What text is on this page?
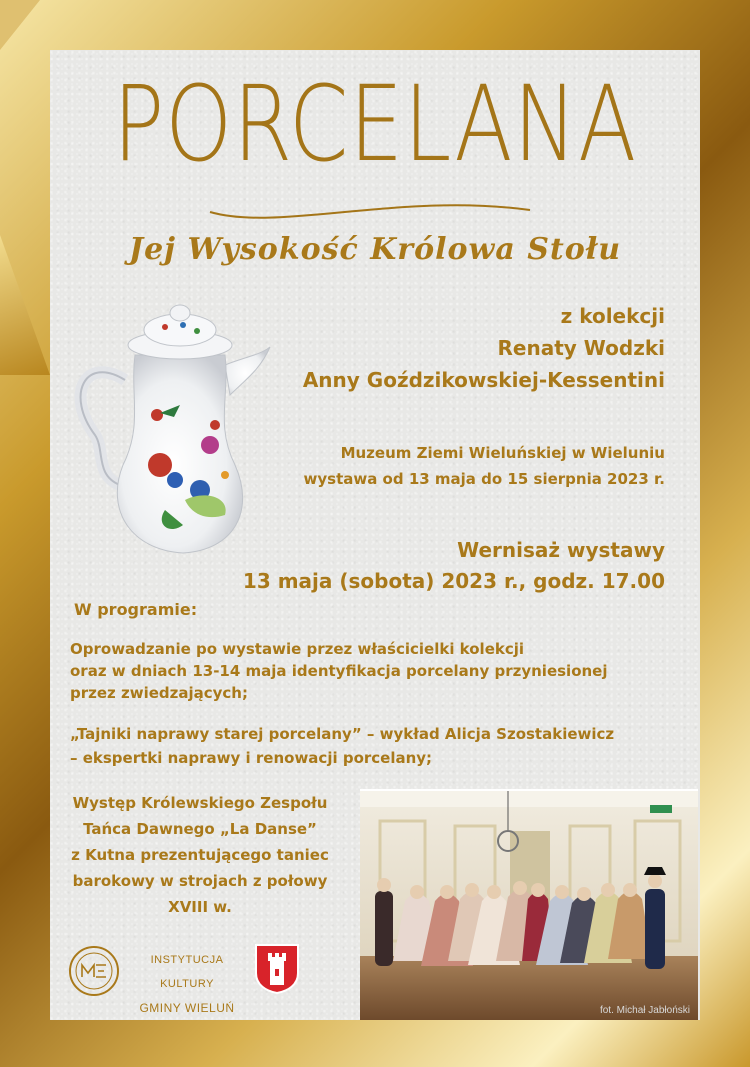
PORCELANA
Jej Wysokość Królowa Stołu
z kolekcji
Renaty Wodzki
Anny Goździkowskiej-Kessentini
Muzeum Ziemi Wieluńskiej w Wieluniu
wystawa od 13 maja do 15 sierpnia 2023 r.
Wernisaż wystawy
13 maja (sobota) 2023 r., godz. 17.00
W programie:
Oprowadzanie po wystawie przez właścicielki kolekcji
oraz w dniach 13-14 maja identyfikacja porcelany przyniesionej
przez zwiedzających;
„Tajniki naprawy starej porcelany” – wykład Alicja Szostakiewicz
– ekspertki naprawy i renowacji porcelany;
Występ Królewskiego Zespołu
Tańca Dawnego „La Danse”
z Kutna prezentującego taniec
barokowy w strojach z połowy
XVIII w.
fot. Michał Jabłoński
INSTYTUCJA KULTURY
GMINY WIELUŃ
